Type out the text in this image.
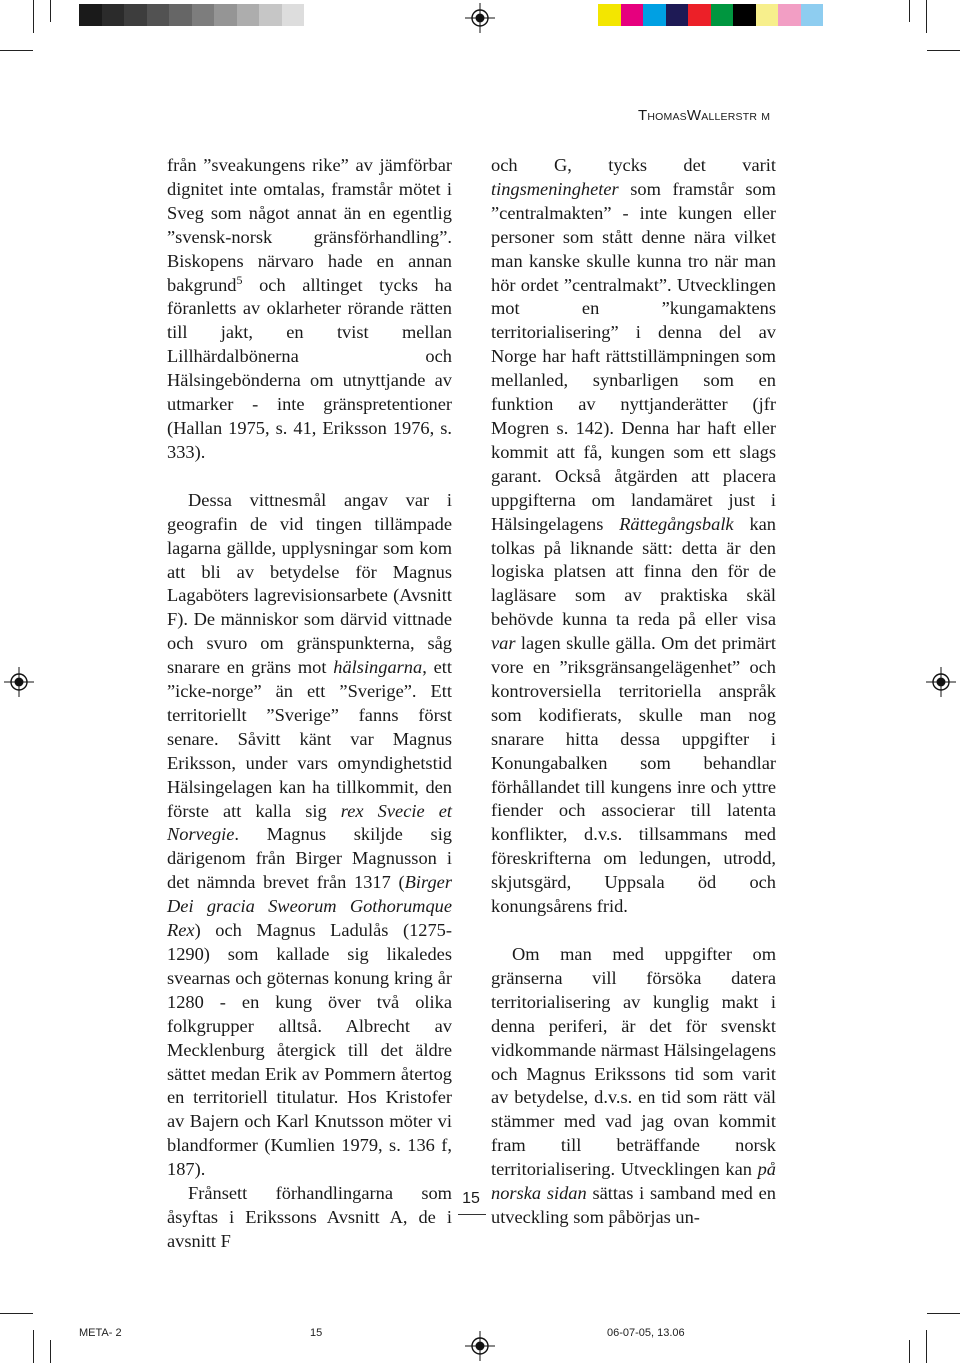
THOMASWALLERSTR M

från ”sveakungens rike” av jämförbar dignitet inte omtalas, framstår mötet i Sveg som något annat än en egentlig ”svensk-norsk gränsförhandling”. Biskopens närvaro hade en annan bakgrund$^5$ och alltinget tycks ha föranletts av oklarheter rörande rätten till jakt, en tvist mellan Lillhärdalbönerna och Hälsingebönderna om utnyttjande av utmarker - inte gränspretentioner (Hallan 1975, s. 41, Eriksson 1976, s. 333).

Dessa vittnesmål angav var i geografin de vid tingen tillämpade lagarna gällde, upplysningar som kom att bli av betydelse för Magnus Lagaböters lagrevisionsarbete (Avsnitt F). De människor som därvid vittnade och svuro om gränspunkterna, såg snarare en gräns mot hälsingarna, ett ”icke-norge” än ett ”Sverige”. Ett territoriellt ”Sverige” fanns först senare. Såvitt känt var Magnus Eriksson, under vars omyndighetstid Hälsingelagen kan ha tillkommit, den förste att kalla sig rex Svecie et Norvegie. Magnus skiljde sig därigenom från Birger Magnusson i det nämnda brevet från 1317 (Birger Dei gracia Sweorum Gothorumque Rex) och Magnus Ladulås (1275-1290) som kallade sig likaledes svearnas och göternas konung kring år 1280 - en kung över två olika folkgrupper alltså. Albrecht av Mecklenburg återgick till det äldre sättet medan Erik av Pommern återtog en territoriell titulatur. Hos Kristofer av Bajern och Karl Knutsson möter vi blandformer (Kumlien 1979, s. 136 f, 187).

Frånsett förhandlingarna som åsyftas i Erikssons Avsnitt A, de i avsnitt F

och G, tycks det varit tingsmeningheter som framstår som ”centralmakten” - inte kungen eller personer som stått denne nära vilket man kanske skulle kunna tro när man hör ordet ”centralmakt”. Utvecklingen mot en ”kungamaktens territorialisering” i denna del av Norge har haft rättstillämpningen som mellanled, synbarligen som en funktion av nyttjanderätter (jfr Mogren s. 142). Denna har haft eller kommit att få, kungen som ett slags garant. Också åtgärden att placera uppgifterna om landamäret just i Hälsingelagens Rättegångsbalk kan tolkas på liknande sätt: detta är den logiska platsen att finna den för de lagläsare som av praktiska skäl behövde kunna ta reda på eller visa var lagen skulle gälla. Om det primärt vore en ”riksgränsangelägenhet” och kontroversiella territoriella anspråk som kodifierats, skulle man nog snarare hitta dessa uppgifter i Konungabalken som behandlar förhållandet till kungens inre och yttre fiender och associerar till latenta konflikter, d.v.s. tillsammans med föreskrifterna om ledungen, utrodd, skjutsgärd, Uppsala öd och konungsårens frid.

Om man med uppgifter om gränserna vill försöka datera territorialisering av kunglig makt i denna periferi, är det för svenskt vidkommande närmast Hälsingelagens och Magnus Erikssons tid som varit av betydelse, d.v.s. en tid som rätt väl stämmer med vad jag ovan kommit fram till beträffande norsk territorialisering. Utvecklingen kan på norska sidan sättas i samband med en utveckling som påbörjas un-

15
META- 2	15	06-07-05, 13.06
